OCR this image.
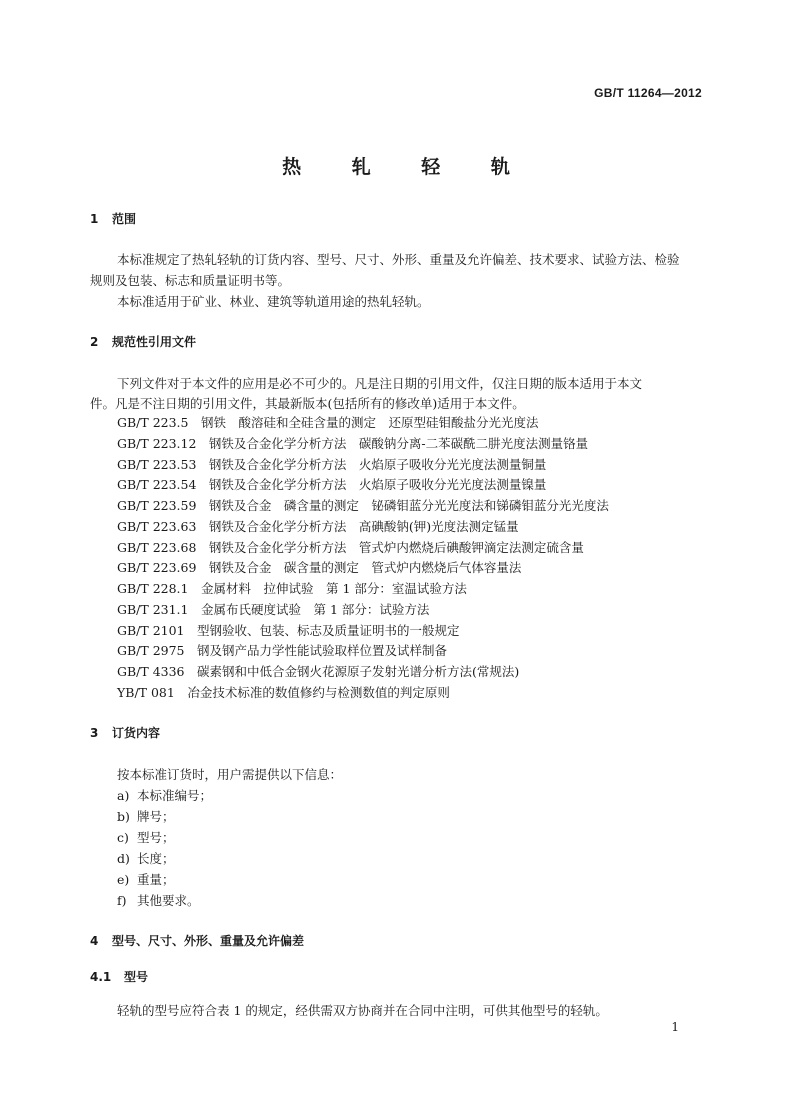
GB/T 11264—2012
热 轧 轻 轨
1 范围
本标准规定了热轧轻轨的订货内容、型号、尺寸、外形、重量及允许偏差、技术要求、试验方法、检验
规则及包装、标志和质量证明书等。
本标准适用于矿业、林业、建筑等轨道用途的热轧轻轨。
2 规范性引用文件
下列文件对于本文件的应用是必不可少的。凡是注日期的引用文件，仅注日期的版本适用于本文
件。凡是不注日期的引用文件，其最新版本(包括所有的修改单)适用于本文件。
GB/T 223.5　钢铁　酸溶硅和全硅含量的测定　还原型硅钼酸盐分光光度法
GB/T 223.12　钢铁及合金化学分析方法　碳酸钠分离-二苯碳酰二肼光度法测量铬量
GB/T 223.53　钢铁及合金化学分析方法　火焰原子吸收分光光度法测量铜量
GB/T 223.54　钢铁及合金化学分析方法　火焰原子吸收分光光度法测量镍量
GB/T 223.59　钢铁及合金　磷含量的测定　铋磷钼蓝分光光度法和锑磷钼蓝分光光度法
GB/T 223.63　钢铁及合金化学分析方法　高碘酸钠(钾)光度法测定锰量
GB/T 223.68　钢铁及合金化学分析方法　管式炉内燃烧后碘酸钾滴定法测定硫含量
GB/T 223.69　钢铁及合金　碳含量的测定　管式炉内燃烧后气体容量法
GB/T 228.1　金属材料　拉伸试验　第 1 部分：室温试验方法
GB/T 231.1　金属布氏硬度试验　第 1 部分：试验方法
GB/T 2101　型钢验收、包装、标志及质量证明书的一般规定
GB/T 2975　钢及钢产品力学性能试验取样位置及试样制备
GB/T 4336　碳素钢和中低合金钢火花源原子发射光谱分析方法(常规法)
YB/T 081　冶金技术标准的数值修约与检测数值的判定原则
3 订货内容
按本标准订货时，用户需提供以下信息：
a) 本标准编号；
b) 牌号；
c) 型号；
d) 长度；
e) 重量；
f) 其他要求。
4 型号、尺寸、外形、重量及允许偏差
4.1 型号
轻轨的型号应符合表 1 的规定，经供需双方协商并在合同中注明，可供其他型号的轻轨。
1
